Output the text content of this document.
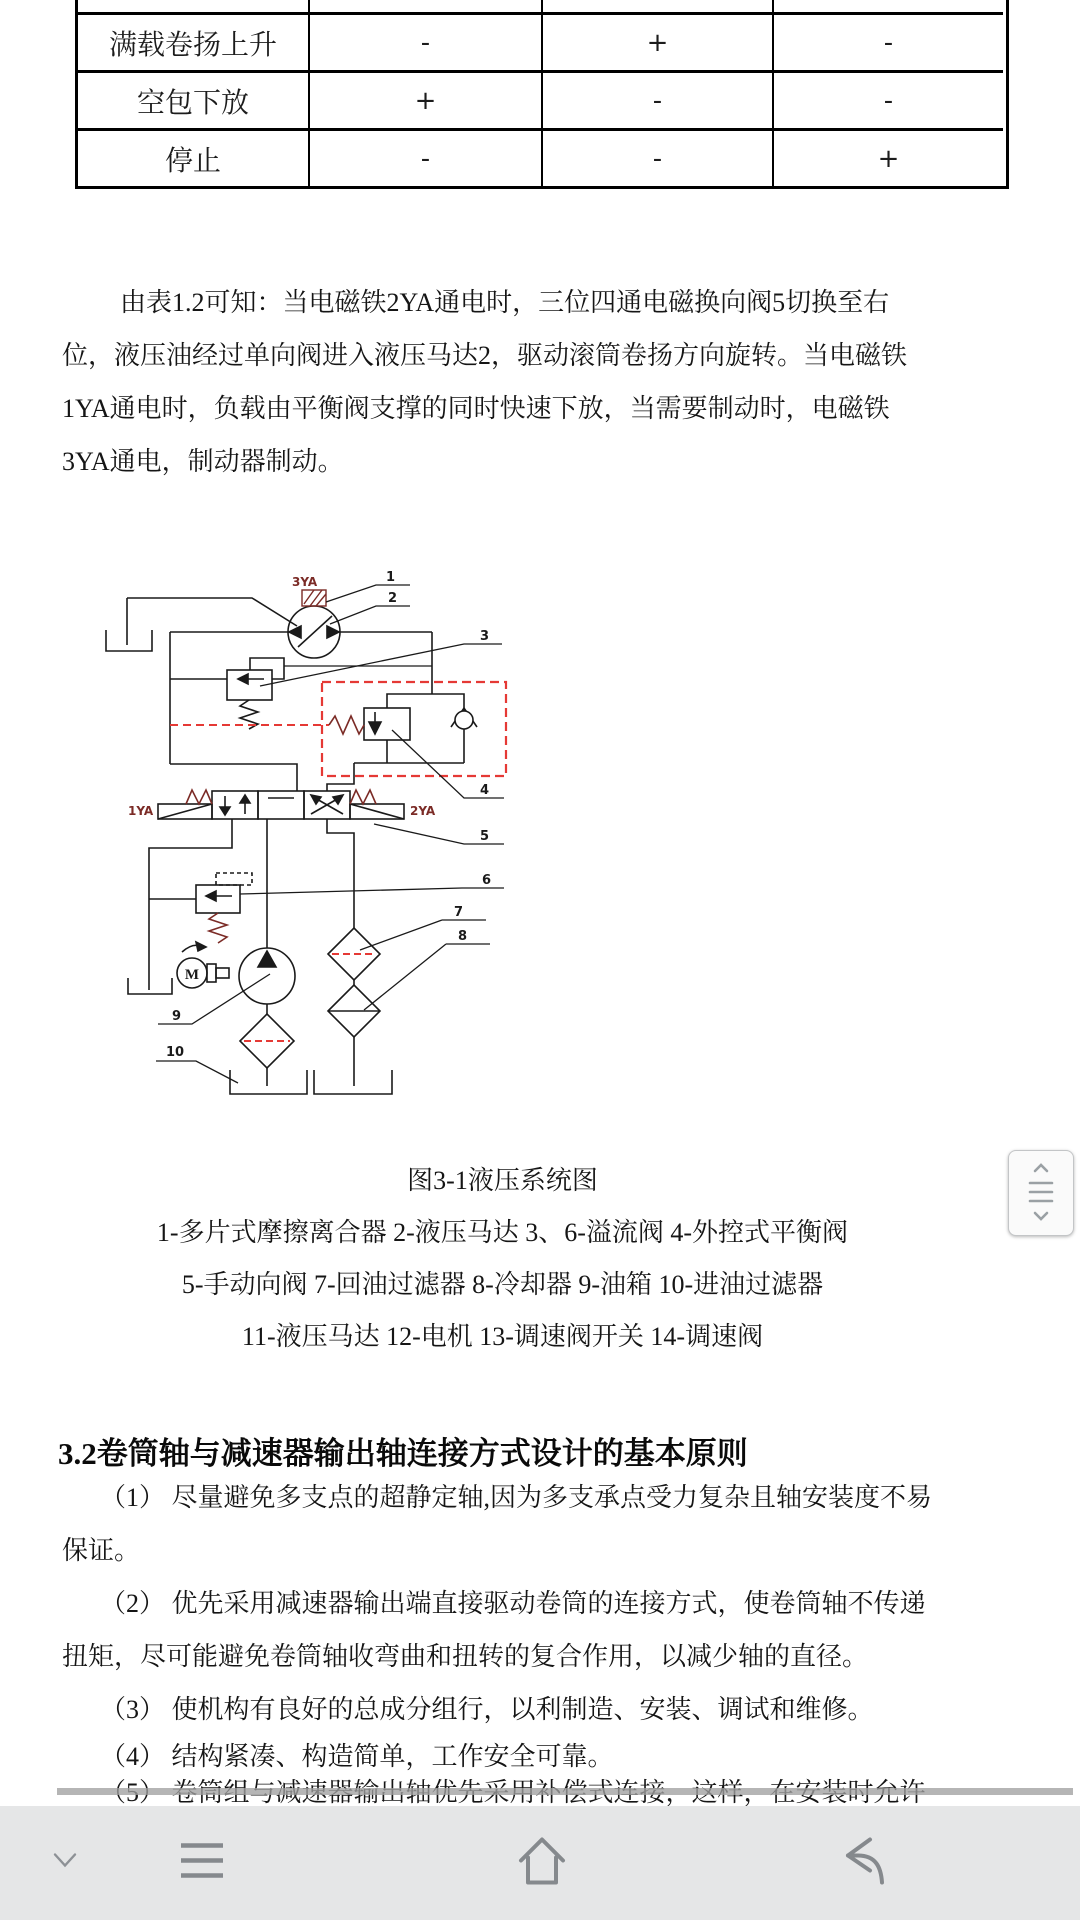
满载卷扬上升	-	+	-
空包下放	+	-	-
停止	-	-	+
由表1.2可知：当电磁铁2YA通电时，三位四通电磁换向阀5切换至右
位，液压油经过单向阀进入液压马达2，驱动滚筒卷扬方向旋转。当电磁铁
1YA通电时，负载由平衡阀支撑的同时快速下放，当需要制动时，电磁铁
3YA通电，制动器制动。
1
2
3
4
5
6
7
8
9
10
3YA
1YA	2YA
M
图3-1液压系统图
1-多片式摩擦离合器 2-液压马达 3、6-溢流阀 4-外控式平衡阀
5-手动向阀 7-回油过滤器 8-冷却器 9-油箱 10-进油过滤器
11-液压马达 12-电机 13-调速阀开关 14-调速阀
3.2卷筒轴与减速器输出轴连接方式设计的基本原则
（1） 尽量避免多支点的超静定轴,因为多支承点受力复杂且轴安装度不易
保证。
（2） 优先采用减速器输出端直接驱动卷筒的连接方式，使卷筒轴不传递
扭矩，尽可能避免卷筒轴收弯曲和扭转的复合作用，以减少轴的直径。
（3） 使机构有良好的总成分组行，以利制造、安装、调试和维修。
（4） 结构紧凑、构造简单，工作安全可靠。
